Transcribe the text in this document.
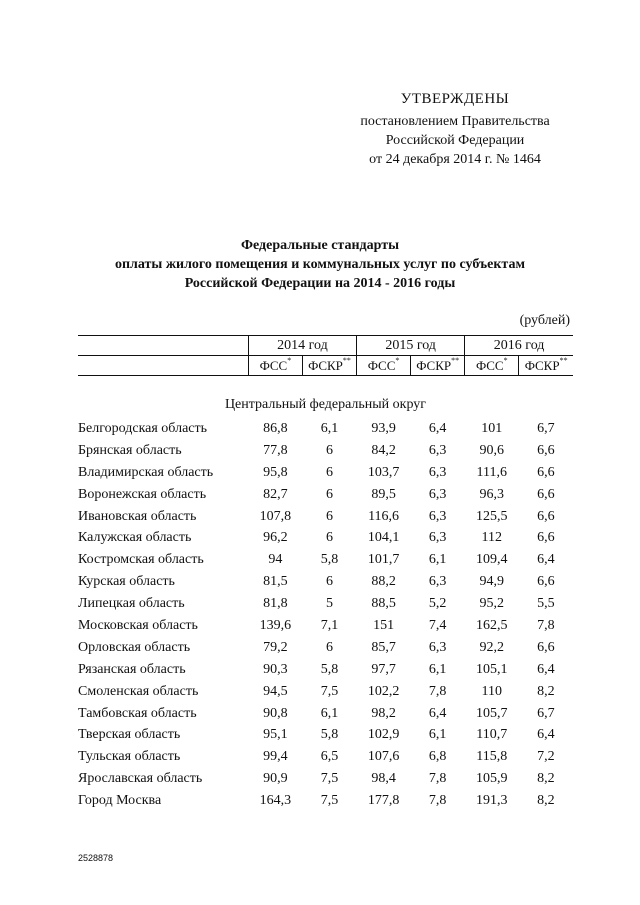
УТВЕРЖДЕНЫ
постановлением Правительства
Российской Федерации
от 24 декабря 2014 г. № 1464
Федеральные стандарты
оплаты жилого помещения и коммунальных услуг по субъектам
Российской Федерации на 2014 - 2016 годы
(рублей)
	2014 год		2015 год		2016 год	
	ФСС*	ФСКР**	ФСС*	ФСКР**	ФСС*	ФСКР**
Центральный федеральный округ						
Белгородская область	86,8	6,1	93,9	6,4	101	6,7
Брянская область	77,8	6	84,2	6,3	90,6	6,6
Владимирская область	95,8	6	103,7	6,3	111,6	6,6
Воронежская область	82,7	6	89,5	6,3	96,3	6,6
Ивановская область	107,8	6	116,6	6,3	125,5	6,6
Калужская область	96,2	6	104,1	6,3	112	6,6
Костромская область	94	5,8	101,7	6,1	109,4	6,4
Курская область	81,5	6	88,2	6,3	94,9	6,6
Липецкая область	81,8	5	88,5	5,2	95,2	5,5
Московская область	139,6	7,1	151	7,4	162,5	7,8
Орловская область	79,2	6	85,7	6,3	92,2	6,6
Рязанская область	90,3	5,8	97,7	6,1	105,1	6,4
Смоленская область	94,5	7,5	102,2	7,8	110	8,2
Тамбовская область	90,8	6,1	98,2	6,4	105,7	6,7
Тверская область	95,1	5,8	102,9	6,1	110,7	6,4
Тульская область	99,4	6,5	107,6	6,8	115,8	7,2
Ярославская область	90,9	7,5	98,4	7,8	105,9	8,2
Город Москва	164,3	7,5	177,8	7,8	191,3	8,2
2528878
